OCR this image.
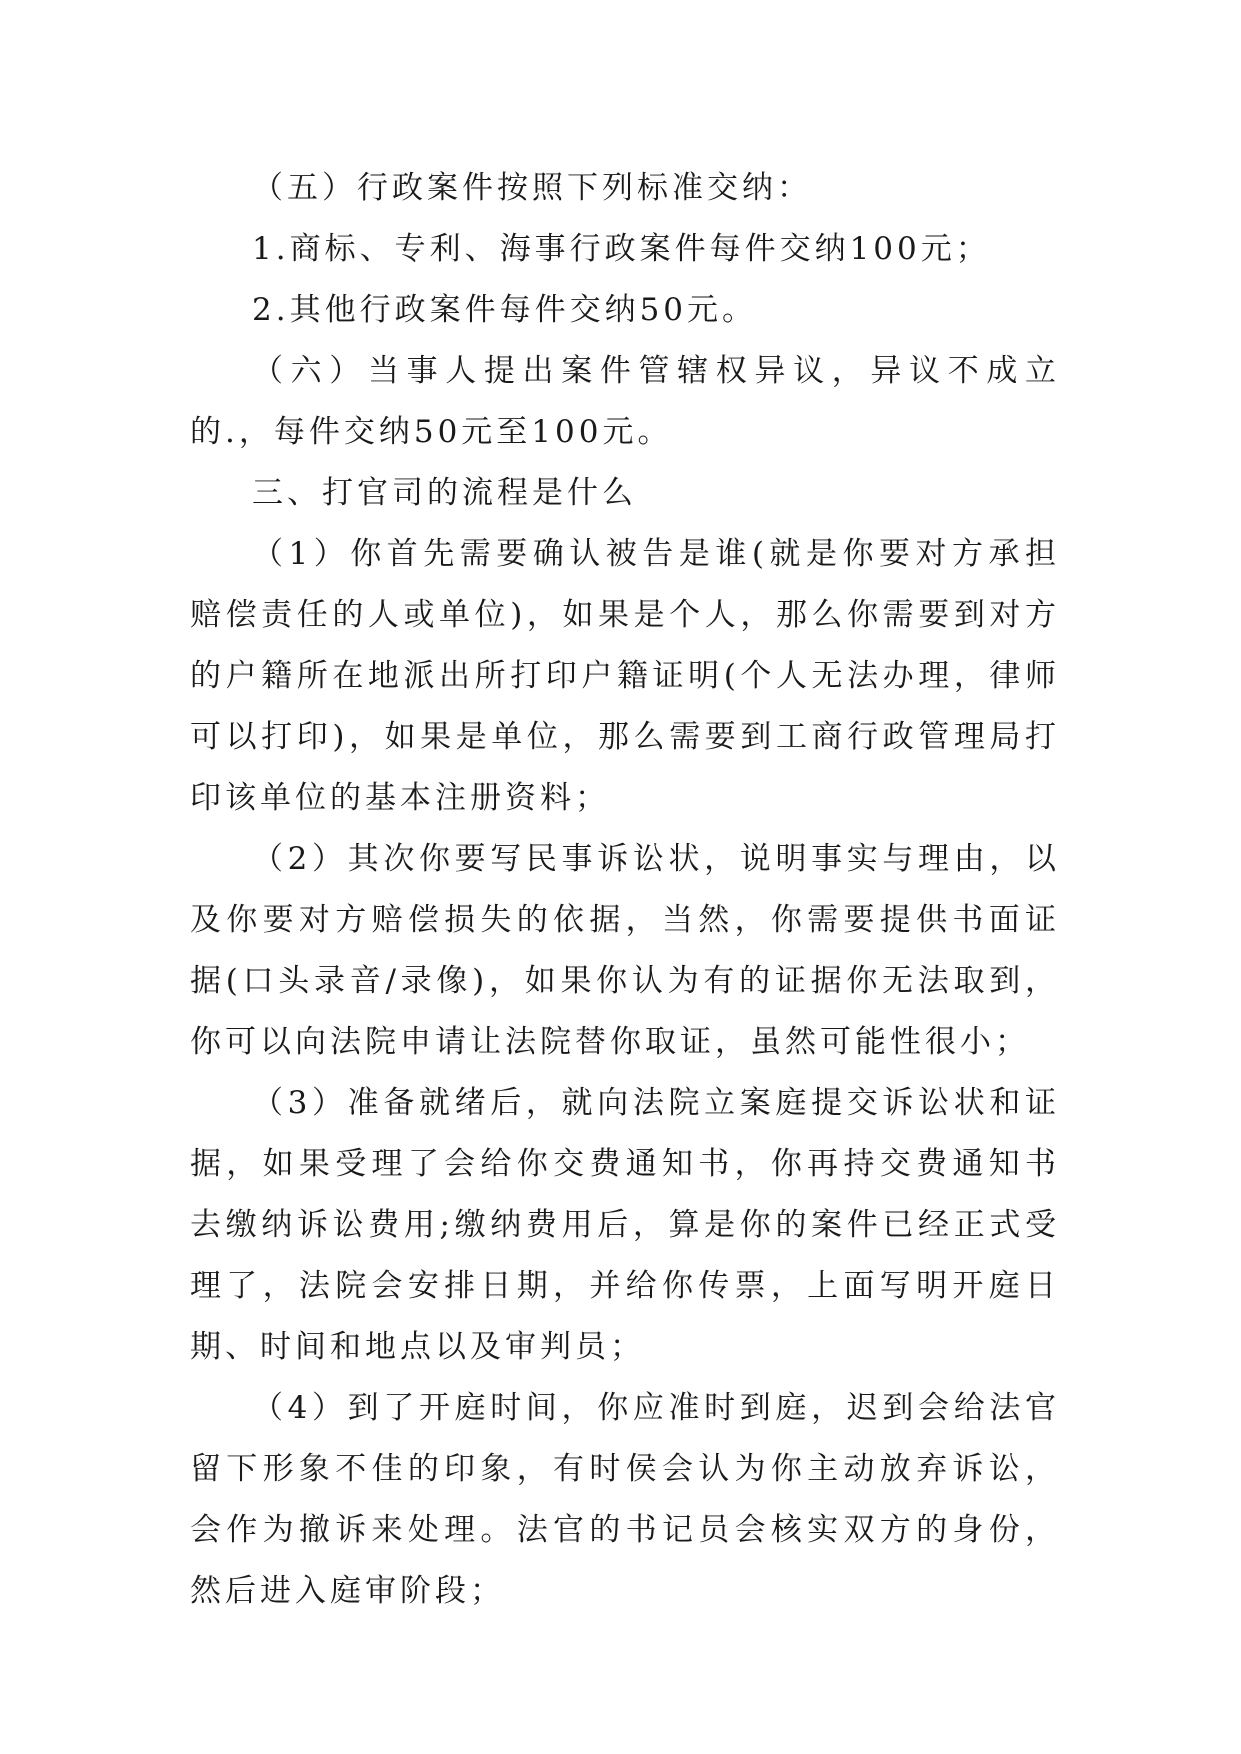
（五）行政案件按照下列标准交纳：

1.商标、专利、海事行政案件每件交纳100元；

2.其他行政案件每件交纳50元。

（六）当事人提出案件管辖权异议，异议不成立的.，每件交纳50元至100元。

三、打官司的流程是什么

（1）你首先需要确认被告是谁(就是你要对方承担赔偿责任的人或单位)，如果是个人，那么你需要到对方的户籍所在地派出所打印户籍证明(个人无法办理，律师可以打印)，如果是单位，那么需要到工商行政管理局打印该单位的基本注册资料；

（2）其次你要写民事诉讼状，说明事实与理由，以及你要对方赔偿损失的依据，当然，你需要提供书面证据(口头录音/录像)，如果你认为有的证据你无法取到，你可以向法院申请让法院替你取证，虽然可能性很小；

（3）准备就绪后，就向法院立案庭提交诉讼状和证据，如果受理了会给你交费通知书，你再持交费通知书去缴纳诉讼费用;缴纳费用后，算是你的案件已经正式受理了，法院会安排日期，并给你传票，上面写明开庭日期、时间和地点以及审判员；

（4）到了开庭时间，你应准时到庭，迟到会给法官留下形象不佳的印象，有时侯会认为你主动放弃诉讼，会作为撤诉来处理。法官的书记员会核实双方的身份，然后进入庭审阶段；
